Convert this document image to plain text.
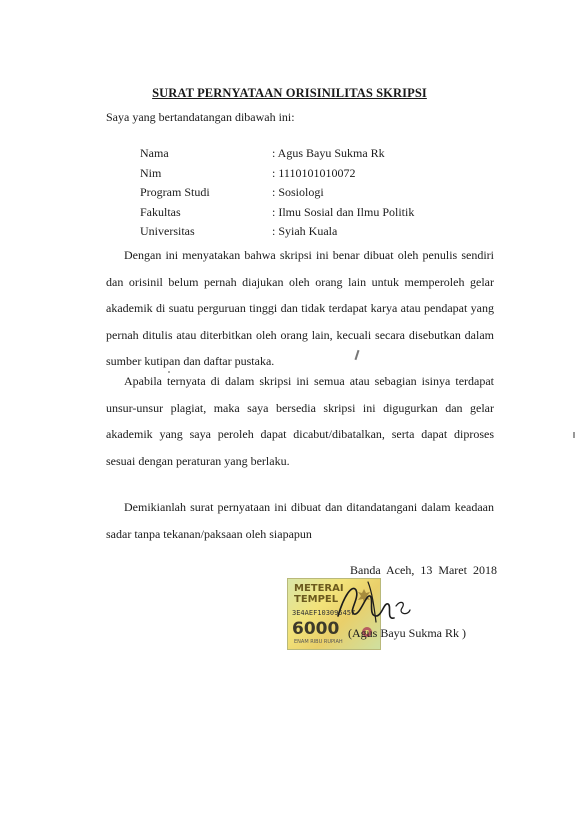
SURAT PERNYATAAN ORISINILITAS SKRIPSI
Saya yang bertandatangan dibawah ini:
Nama	: Agus Bayu Sukma Rk
Nim	: 1110101010072
Program Studi	: Sosiologi
Fakultas	: Ilmu Sosial dan Ilmu Politik
Universitas	: Syiah Kuala
Dengan ini menyatakan bahwa skripsi ini benar dibuat oleh penulis sendiri dan orisinil belum pernah diajukan oleh orang lain untuk memperoleh gelar akademik di suatu perguruan tinggi dan tidak terdapat karya atau pendapat yang pernah ditulis atau diterbitkan oleh orang lain, kecuali secara disebutkan dalam sumber kutipan dan daftar pustaka.
Apabila ternyata di dalam skripsi ini semua atau sebagian isinya terdapat unsur-unsur plagiat, maka saya bersedia skripsi ini digugurkan dan gelar akademik yang saya peroleh dapat dicabut/dibatalkan, serta dapat diproses sesuai dengan peraturan yang berlaku.
Demikianlah surat pernyataan ini dibuat dan ditandatangani dalam keadaan sadar tanpa tekanan/paksaan oleh siapapun
Banda Aceh, 13 Maret 2018
METERAI
TEMPEL
3E4AEF103095457
6000
ENAM RIBU RUPIAH
(Agus Bayu Sukma Rk )
